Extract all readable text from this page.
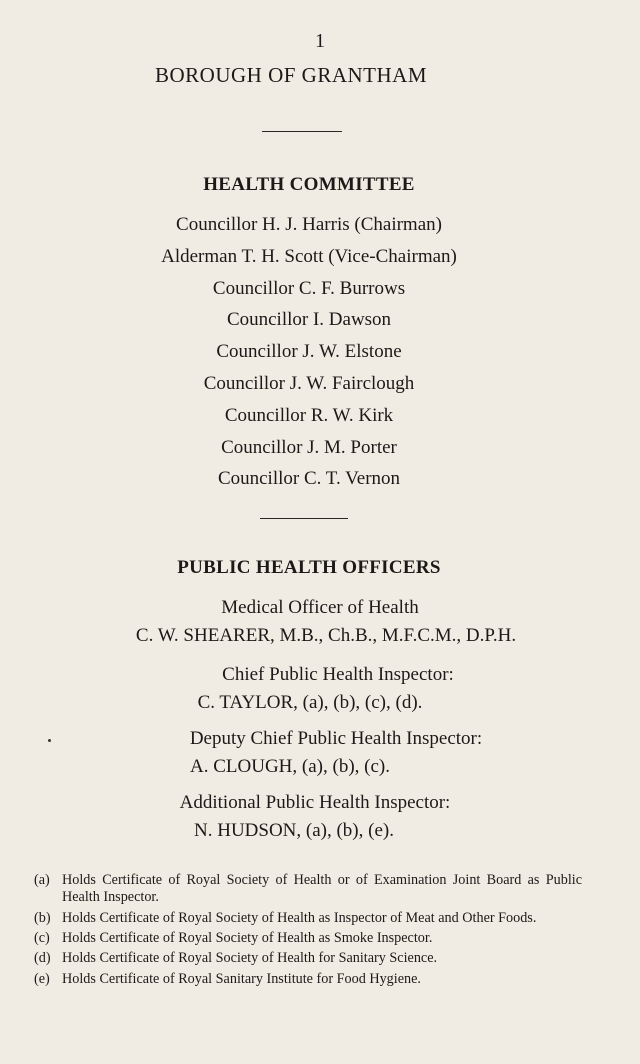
1
BOROUGH OF GRANTHAM
HEALTH COMMITTEE
Councillor H. J. Harris (Chairman)
Alderman T. H. Scott (Vice-Chairman)
Councillor C. F. Burrows
Councillor I. Dawson
Councillor J. W. Elstone
Councillor J. W. Fairclough
Councillor R. W. Kirk
Councillor J. M. Porter
Councillor C. T. Vernon
PUBLIC HEALTH OFFICERS
Medical Officer of Health
C. W. SHEARER, M.B., Ch.B., M.F.C.M., D.P.H.
Chief Public Health Inspector:
C. TAYLOR, (a), (b), (c), (d).
Deputy Chief Public Health Inspector:
A. CLOUGH, (a), (b), (c).
Additional Public Health Inspector:
N. HUDSON, (a), (b), (e).
(a) Holds Certificate of Royal Society of Health or of Examination Joint Board as Public Health Inspector.
(b) Holds Certificate of Royal Society of Health as Inspector of Meat and Other Foods.
(c) Holds Certificate of Royal Society of Health as Smoke Inspector.
(d) Holds Certificate of Royal Society of Health for Sanitary Science.
(e) Holds Certificate of Royal Sanitary Institute for Food Hygiene.
